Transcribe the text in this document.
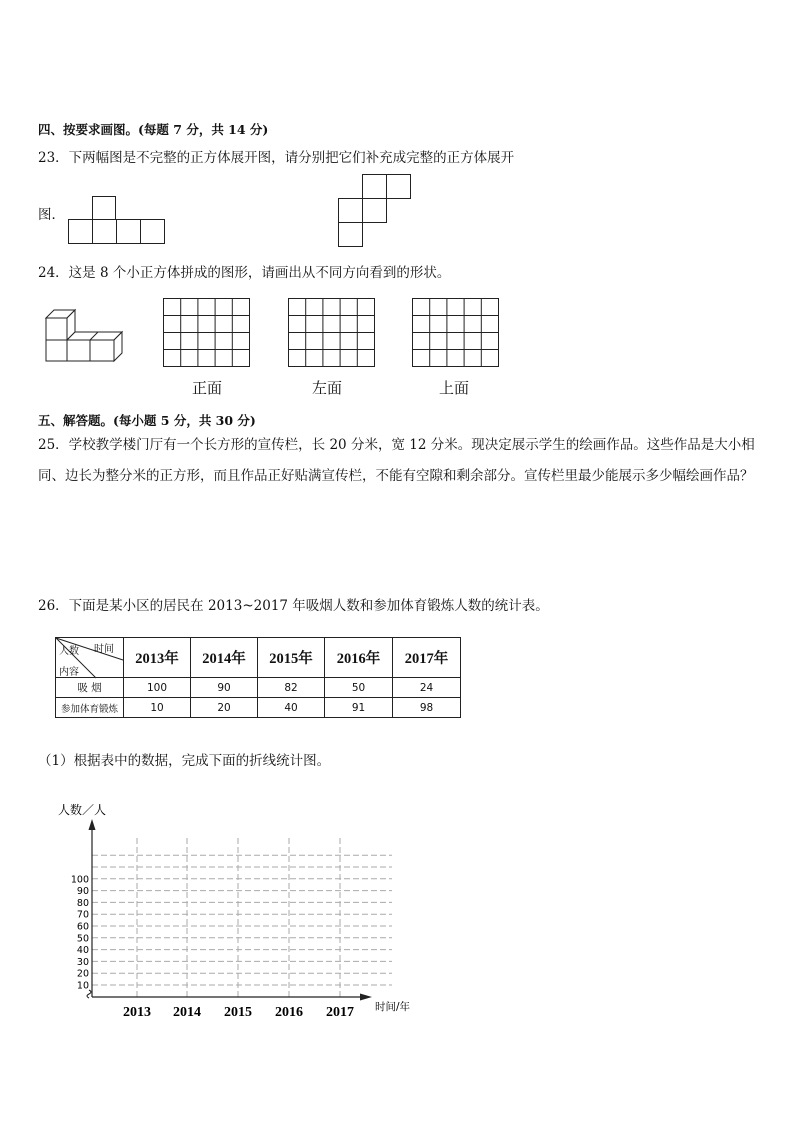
四、按要求画图。(每题 7 分，共 14 分)
23．下两幅图是不完整的正方体展开图，请分别把它们补充成完整的正方体展开
图．
24．这是 8 个小正方体拼成的图形，请画出从不同方向看到的形状。
正面	左面	上面
五、解答题。(每小题 5 分，共 30 分)
25．学校教学楼门厅有一个长方形的宣传栏，长 20 分米，宽 12 分米。现决定展示学生的绘画作品。这些作品是大小相同、边长为整分米的正方形，而且作品正好贴满宣传栏，不能有空隙和剩余部分。宣传栏里最少能展示多少幅绘画作品？
26．下面是某小区的居民在 2013~2017 年吸烟人数和参加体育锻炼人数的统计表。
时间
人数
内容	2013年	2014年	2015年	2016年	2017年
吸 烟	100	90	82	50	24
参加体育锻炼	10	20	40	91	98
（1）根据表中的数据，完成下面的折线统计图。
人数／人
时间/年
10
20
30
40
50
60
70
80
90
100
2013 2014 2015 2016 2017
